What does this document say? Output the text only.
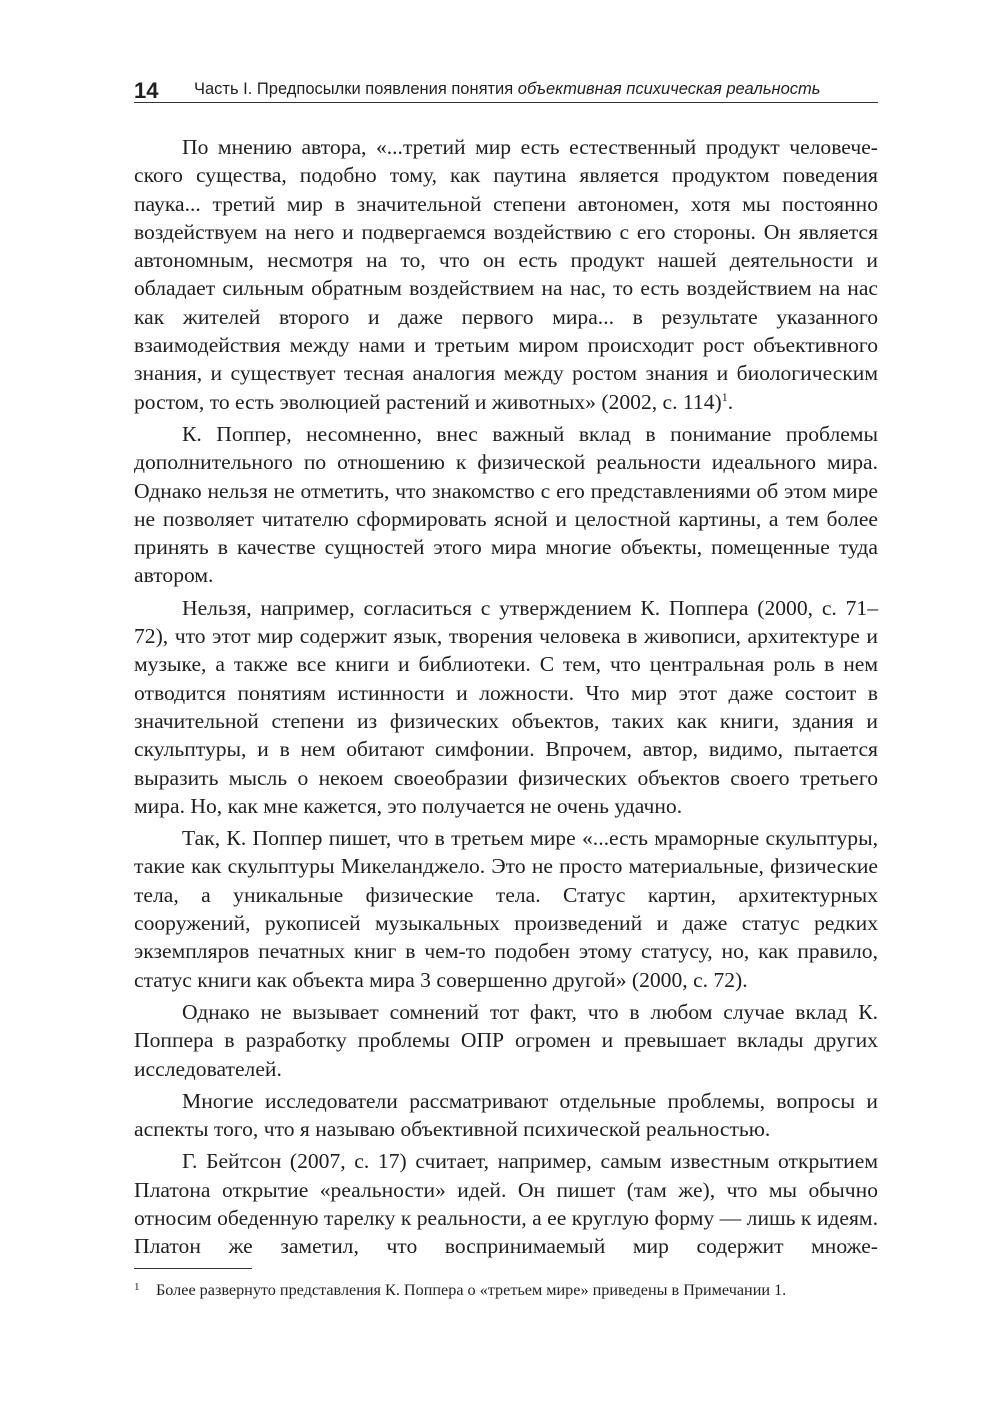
14 Часть I. Предпосылки появления понятия объективная психическая реальность

По мнению автора, «...третий мир есть естественный продукт человеческого существа, подобно тому, как паутина является продуктом поведения паука... третий мир в значительной степени автономен, хотя мы постоянно воздействуем на него и подвергаемся воздействию с его стороны. Он является автономным, несмотря на то, что он есть продукт нашей деятельности и обладает сильным обратным воздействием на нас, то есть воздействием на нас как жителей второго и даже первого мира... в результате указанного взаимодействия между нами и третьим миром происходит рост объективного знания, и существует тесная аналогия между ростом знания и биологическим ростом, то есть эволюцией растений и животных» (2002, с. 114)$^1$.

К. Поппер, несомненно, внес важный вклад в понимание проблемы дополнительного по отношению к физической реальности идеального мира. Однако нельзя не отметить, что знакомство с его представлениями об этом мире не позволяет читателю сформировать ясной и целостной картины, а тем более принять в качестве сущностей этого мира многие объекты, помещенные туда автором.

Нельзя, например, согласиться с утверждением К. Поппера (2000, с. 71–72), что этот мир содержит язык, творения человека в живописи, архитектуре и музыке, а также все книги и библиотеки. С тем, что центральная роль в нем отводится понятиям истинности и ложности. Что мир этот даже состоит в значительной степени из физических объектов, таких как книги, здания и скульптуры, и в нем обитают симфонии. Впрочем, автор, видимо, пытается выразить мысль о некоем своеобразии физических объектов своего третьего мира. Но, как мне кажется, это получается не очень удачно.

Так, К. Поппер пишет, что в третьем мире «...есть мраморные скульптуры, такие как скульптуры Микеланджело. Это не просто материальные, физические тела, а уникальные физические тела. Статус картин, архитектурных сооружений, рукописей музыкальных произведений и даже статус редких экземпляров печатных книг в чем-то подобен этому статусу, но, как правило, статус книги как объекта мира 3 совершенно другой» (2000, с. 72).

Однако не вызывает сомнений тот факт, что в любом случае вклад К. Поппера в разработку проблемы ОПР огромен и превышает вклады других исследователей.

Многие исследователи рассматривают отдельные проблемы, вопросы и аспекты того, что я называю объективной психической реальностью.

Г. Бейтсон (2007, с. 17) считает, например, самым известным открытием Платона открытие «реальности» идей. Он пишет (там же), что мы обычно относим обеденную тарелку к реальности, а ее круглую форму — лишь к идеям. Платон же заметил, что воспринимаемый мир содержит множе-

1 Более развернуто представления К. Поппера о «третьем мире» приведены в Примечании 1.
